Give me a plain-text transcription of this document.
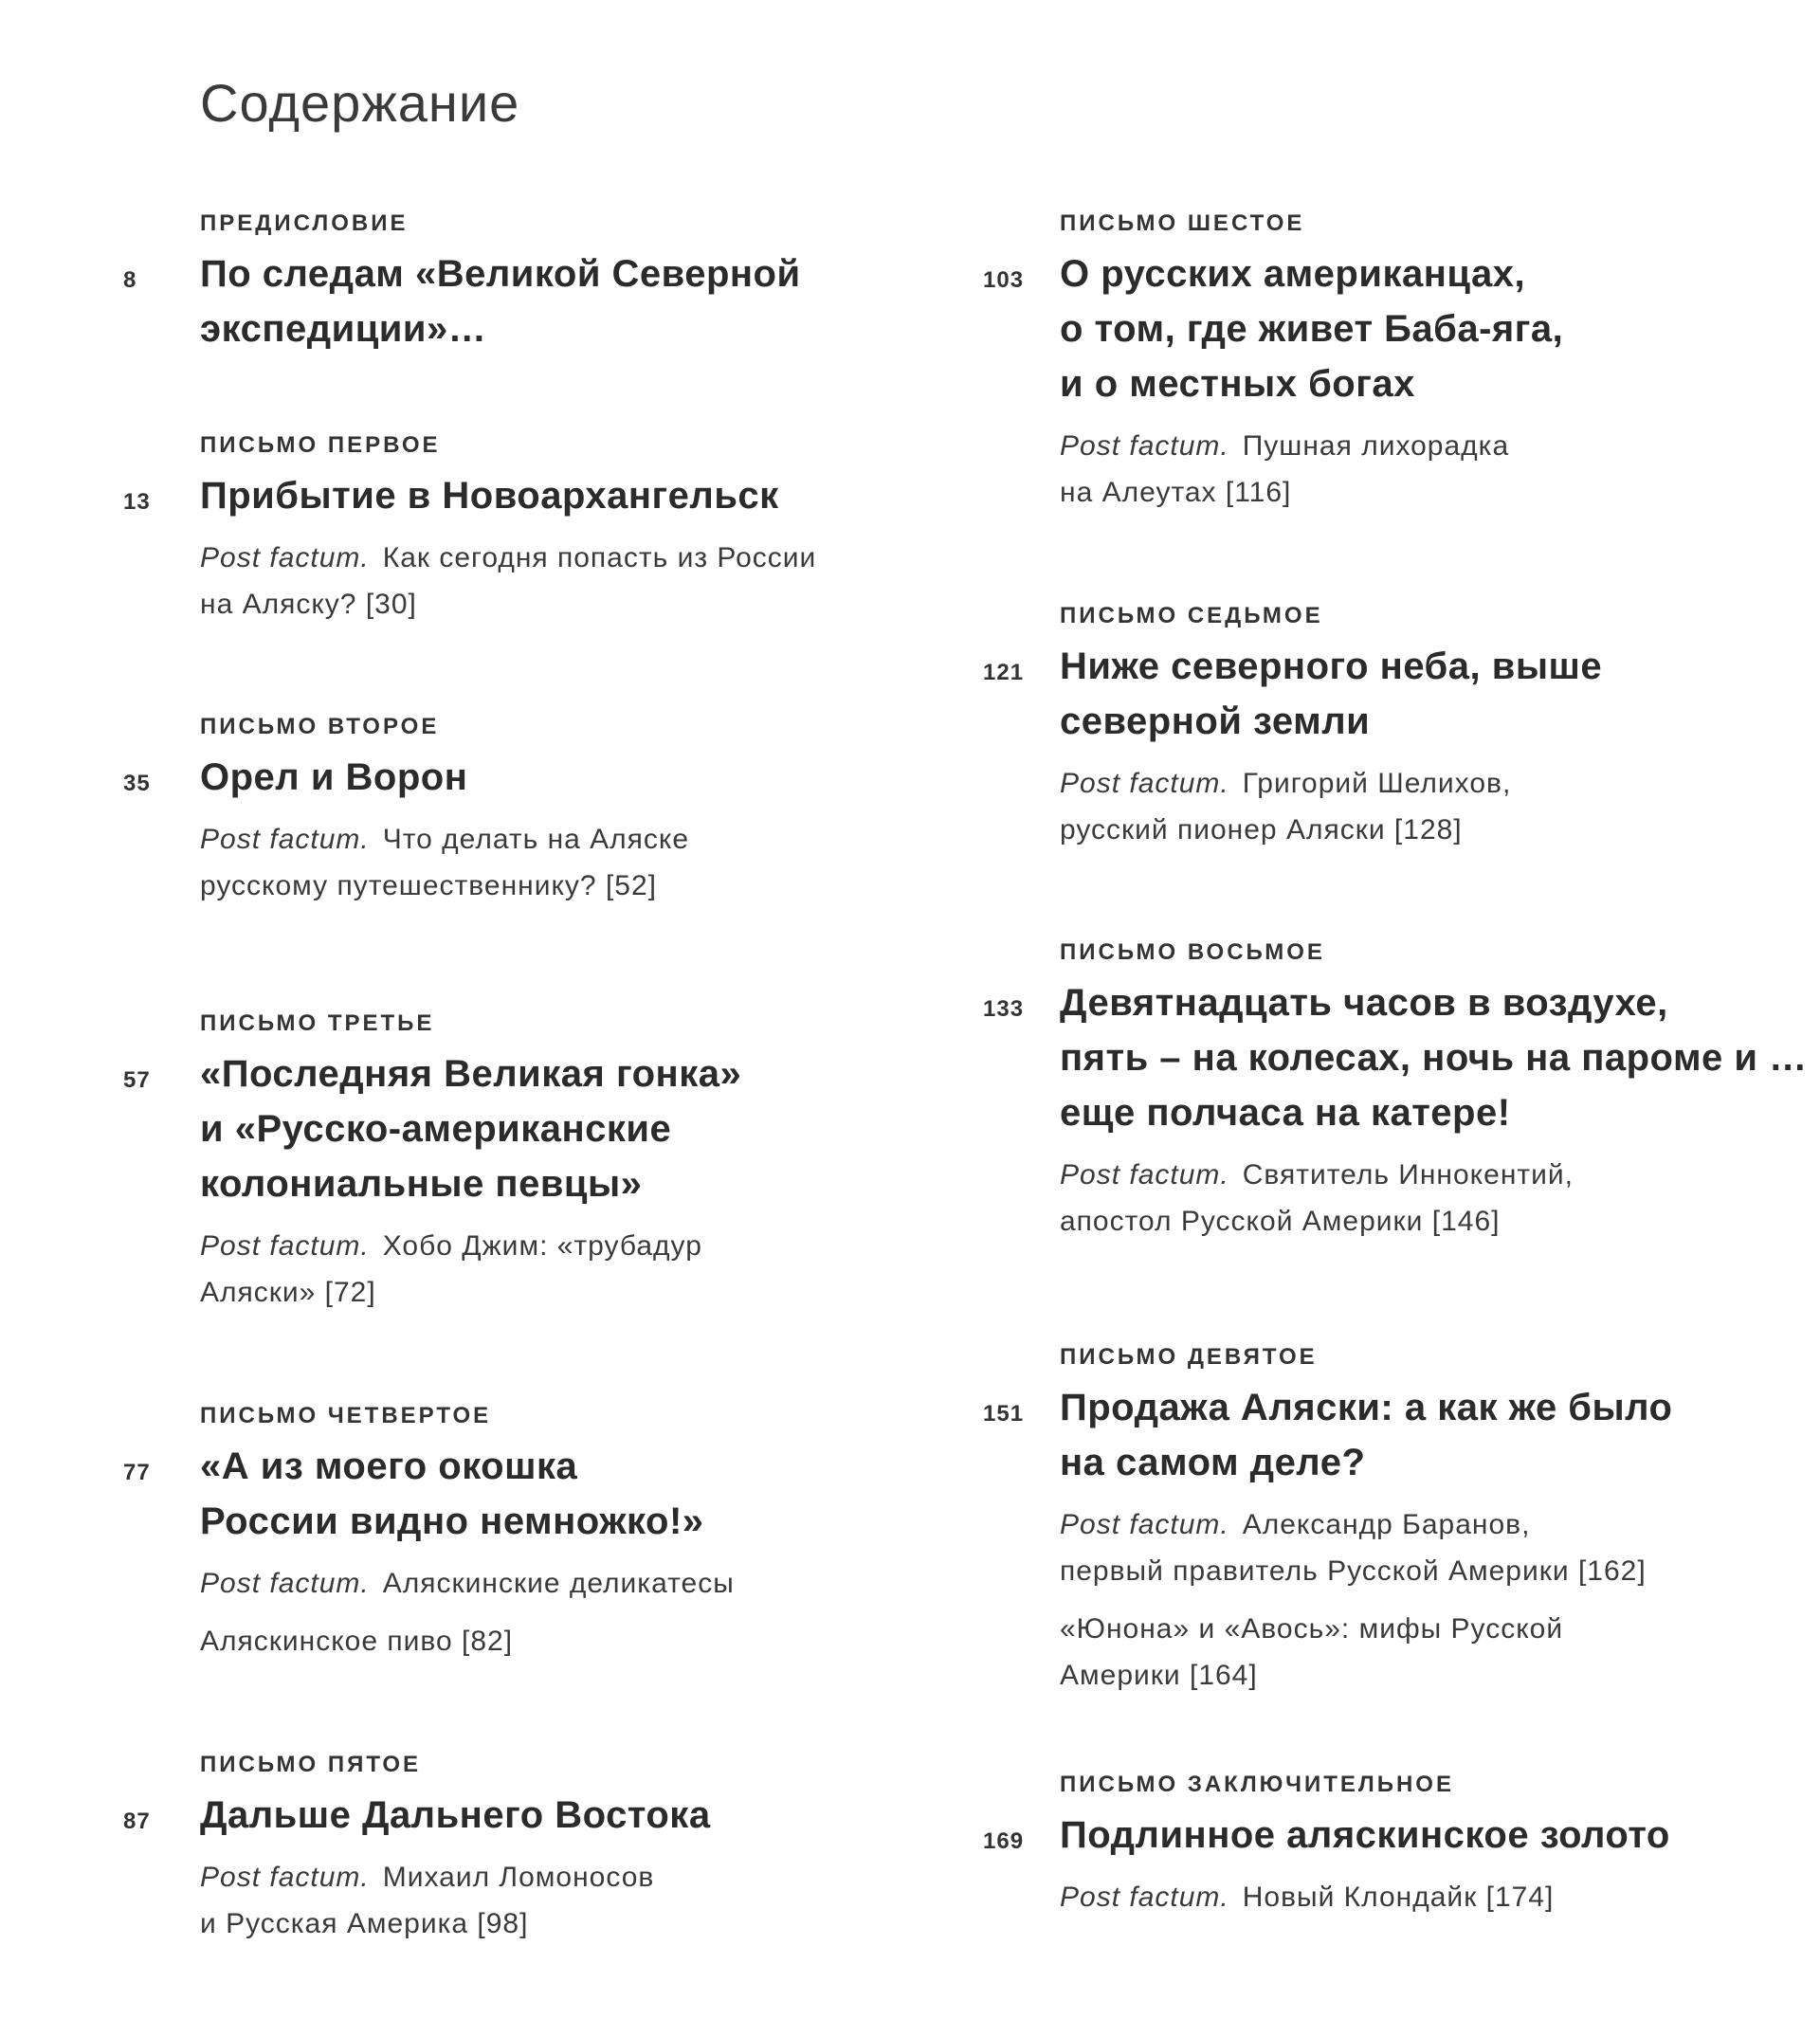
Содержание
ПРЕДИСЛОВИЕ
8 По следам «Великой Северной
экспедиции»…
ПИСЬМО ПЕРВОЕ
13 Прибытие в Новоархангельск
Post factum. Как сегодня попасть из России
на Аляску? [30]
ПИСЬМО ВТОРОЕ
35 Орел и Ворон
Post factum. Что делать на Аляске
русскому путешественнику? [52]
ПИСЬМО ТРЕТЬЕ
57 «Последняя Великая гонка»
и «Русско-американские
колониальные певцы»
Post factum. Хобо Джим: «трубадур
Аляски» [72]
ПИСЬМО ЧЕТВЕРТОЕ
77 «А из моего окошка
России видно немножко!»
Post factum. Аляскинские деликатесы
Аляскинское пиво [82]
ПИСЬМО ПЯТОЕ
87 Дальше Дальнего Востока
Post factum. Михаил Ломоносов
и Русская Америка [98]
ПИСЬМО ШЕСТОЕ
103 О русских американцах,
о том, где живет Баба-яга,
и о местных богах
Post factum. Пушная лихорадка
на Алеутах [116]
ПИСЬМО СЕДЬМОЕ
121 Ниже северного неба, выше
северной земли
Post factum. Григорий Шелихов,
русский пионер Аляски [128]
ПИСЬМО ВОСЬМОЕ
133 Девятнадцать часов в воздухе,
пять – на колесах, ночь на пароме и …
еще полчаса на катере!
Post factum. Святитель Иннокентий,
апостол Русской Америки [146]
ПИСЬМО ДЕВЯТОЕ
151 Продажа Аляски: а как же было
на самом деле?
Post factum. Александр Баранов,
первый правитель Русской Америки [162]
«Юнона» и «Авось»: мифы Русской
Америки [164]
ПИСЬМО ЗАКЛЮЧИТЕЛЬНОЕ
169 Подлинное аляскинское золото
Post factum. Новый Клондайк [174]
